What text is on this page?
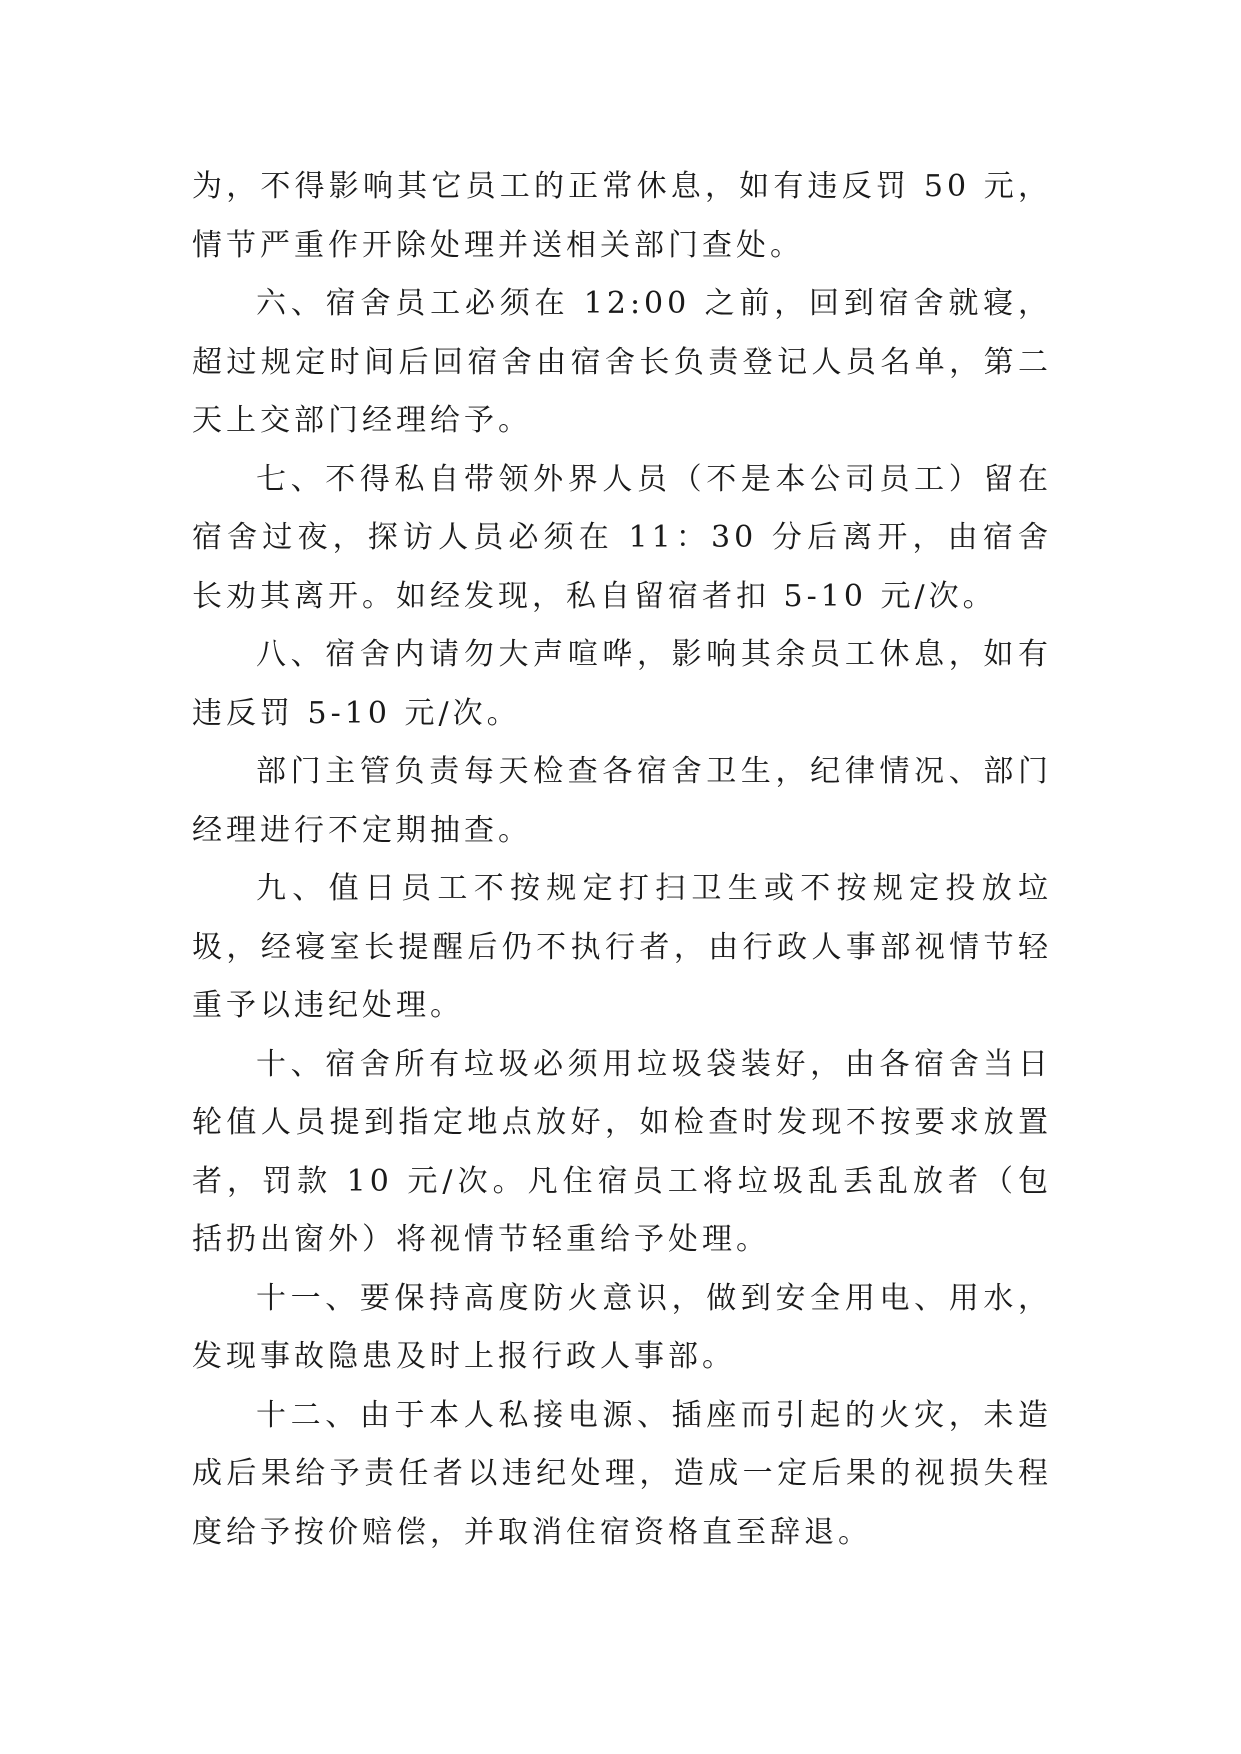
为，不得影响其它员工的正常休息，如有违反罚 50 元，情节严重作开除处理并送相关部门查处。

六、宿舍员工必须在 12:00 之前，回到宿舍就寝，超过规定时间后回宿舍由宿舍长负责登记人员名单，第二天上交部门经理给予。

七、不得私自带领外界人员（不是本公司员工）留在宿舍过夜，探访人员必须在 11：30 分后离开，由宿舍长劝其离开。如经发现，私自留宿者扣 5-10 元/次。

八、宿舍内请勿大声喧哗，影响其余员工休息，如有违反罚 5-10 元/次。

部门主管负责每天检查各宿舍卫生，纪律情况、部门经理进行不定期抽查。

九、值日员工不按规定打扫卫生或不按规定投放垃圾，经寝室长提醒后仍不执行者，由行政人事部视情节轻重予以违纪处理。

十、宿舍所有垃圾必须用垃圾袋装好，由各宿舍当日轮值人员提到指定地点放好，如检查时发现不按要求放置者，罚款 10 元/次。凡住宿员工将垃圾乱丢乱放者（包括扔出窗外）将视情节轻重给予处理。

十一、要保持高度防火意识，做到安全用电、用水，发现事故隐患及时上报行政人事部。

十二、由于本人私接电源、插座而引起的火灾，未造成后果给予责任者以违纪处理，造成一定后果的视损失程度给予按价赔偿，并取消住宿资格直至辞退。
